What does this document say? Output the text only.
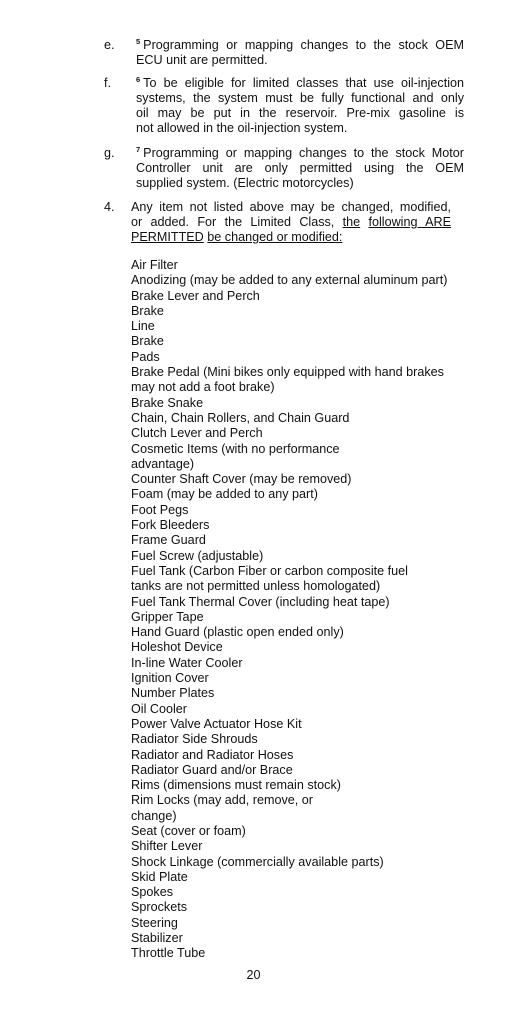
e.	$^5$ Programming or mapping changes to the stock OEM
ECU unit are permitted.
f.	$^6$ To be eligible for limited classes that use oil-injection
systems, the system must be fully functional and only
oil may be put in the reservoir. Pre-mix gasoline is
not allowed in the oil-injection system.
g.	$^7$ Programming or mapping changes to the stock Motor
Controller unit are only permitted using the OEM
supplied system. (Electric motorcycles)
4. Any item not listed above may be changed, modified,
or added. For the Limited Class, the following ARE
PERMITTED be changed or modified:
Air Filter
Anodizing (may be added to any external aluminum part)
Brake Lever and Perch
Brake
Line
Brake
Pads
Brake Pedal (Mini bikes only equipped with hand brakes
may not add a foot brake)
Brake Snake
Chain, Chain Rollers, and Chain Guard
Clutch Lever and Perch
Cosmetic Items (with no performance
advantage)
Counter Shaft Cover (may be removed)
Foam (may be added to any part)
Foot Pegs
Fork Bleeders
Frame Guard
Fuel Screw (adjustable)
Fuel Tank (Carbon Fiber or carbon composite fuel
tanks are not permitted unless homologated)
Fuel Tank Thermal Cover (including heat tape)
Gripper Tape
Hand Guard (plastic open ended only)
Holeshot Device
In-line Water Cooler
Ignition Cover
Number Plates
Oil Cooler
Power Valve Actuator Hose Kit
Radiator Side Shrouds
Radiator and Radiator Hoses
Radiator Guard and/or Brace
Rims (dimensions must remain stock)
Rim Locks (may add, remove, or
change)
Seat (cover or foam)
Shifter Lever
Shock Linkage (commercially available parts)
Skid Plate
Spokes
Sprockets
Steering
Stabilizer
Throttle Tube
20
